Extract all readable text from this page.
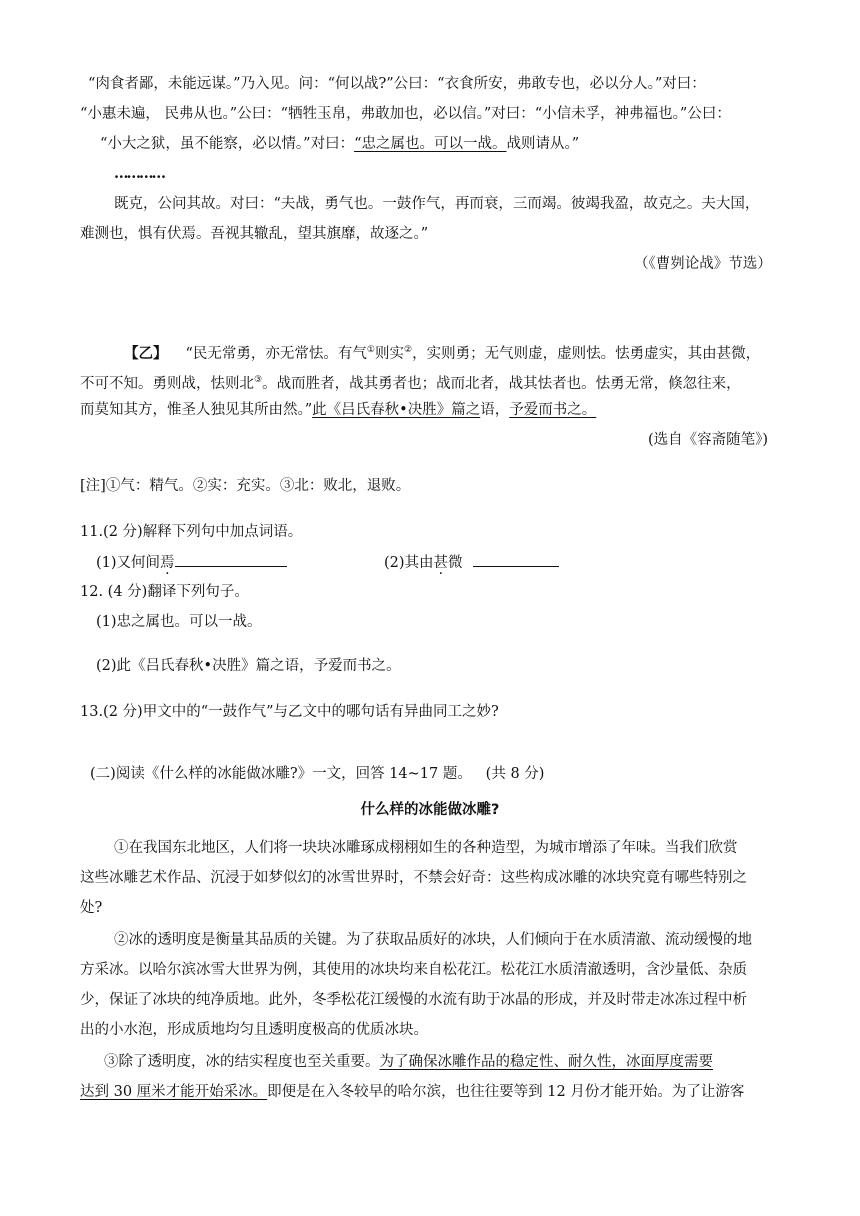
“肉食者鄙，未能远谋。”乃入见。问：“何以战?”公曰：“衣食所安，弗敢专也，必以分人。”对曰：
“小惠未遍， 民弗从也。”公曰：“牺牲玉帛，弗敢加也，必以信。”对曰：“小信未孚，神弗福也。”公曰：
“小大之狱，虽不能察，必以情。”对曰：“忠之属也。可以一战。战则请从。”
…………
既克，公问其故。对曰：“夫战，勇气也。一鼓作气，再而衰，三而竭。彼竭我盈，故克之。夫大国，
难测也，惧有伏焉。吾视其辙乱，望其旗靡，故逐之。”
（《曹刿论战》节选）
【乙】 “民无常勇，亦无常怯。有气①则实②，实则勇；无气则虚，虚则怯。怯勇虚实，其由甚微，
不可不知。勇则战，怯则北③。战而胜者，战其勇者也；战而北者，战其怯者也。怯勇无常，倏忽往来，
而莫知其方，惟圣人独见其所由然。”此《吕氏春秋•决胜》篇之语，予爱而书之。
(选自《容斋随笔》)
[注]①气：精气。②实：充实。③北：败北，退败。
11.(2 分)解释下列句中加点词语。
(1)又何间焉	(2)其由甚微
12. (4 分)翻译下列句子。
(1)忠之属也。可以一战。
(2)此《吕氏春秋•决胜》篇之语，予爱而书之。
13.(2 分)甲文中的“一鼓作气”与乙文中的哪句话有异曲同工之妙?
(二)阅读《什么样的冰能做冰雕?》一文，回答 14~17 题。   (共 8 分)
什么样的冰能做冰雕?
①在我国东北地区，人们将一块块冰雕琢成栩栩如生的各种造型，为城市增添了年味。当我们欣赏
这些冰雕艺术作品、沉浸于如梦似幻的冰雪世界时，不禁会好奇：这些构成冰雕的冰块究竟有哪些特别之
处?
②冰的透明度是衡量其品质的关键。为了获取品质好的冰块，人们倾向于在水质清澈、流动缓慢的地
方采冰。以哈尔滨冰雪大世界为例，其使用的冰块均来自松花江。松花江水质清澈透明，含沙量低、杂质
少，保证了冰块的纯净质地。此外，冬季松花江缓慢的水流有助于冰晶的形成，并及时带走冰冻过程中析
出的小水泡，形成质地均匀且透明度极高的优质冰块。
③除了透明度，冰的结实程度也至关重要。为了确保冰雕作品的稳定性、耐久性，冰面厚度需要
达到 30 厘米才能开始采冰。即便是在入冬较早的哈尔滨，也往往要等到 12 月份才能开始。为了让游客
